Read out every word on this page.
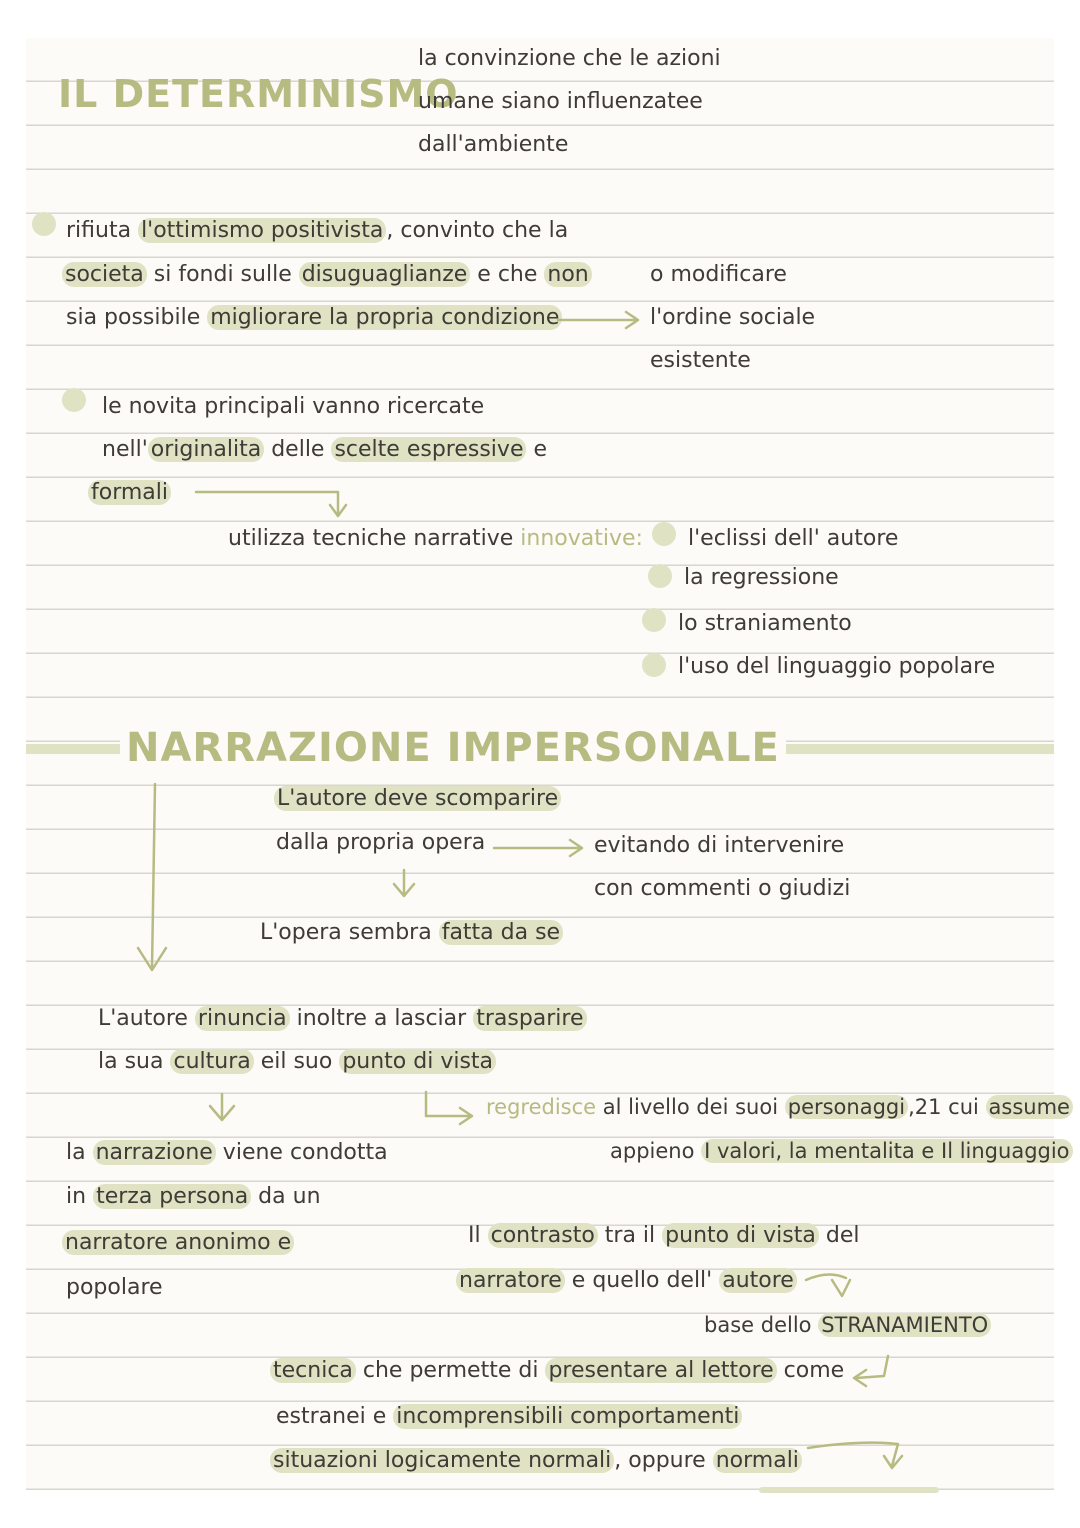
IL DETERMINISMO
la convinzione che le azioni
umane siano influenzatee
dall'ambiente
rifiuta l'ottimismo positivista , convinto che la
societa si fondi sulle disuguaglianze e che non
sia possibile migliorare la propria condizione
o modificare
l'ordine sociale
esistente
le novita principali vanno ricercate
nell' originalita delle scelte espressive e
formali
utilizza tecniche narrative innovative: l'eclissi dell' autore
la regressione
lo straniamento
l'uso del linguaggio popolare
NARRAZIONE IMPERSONALE
L'autore deve scomparire
dalla propria opera	evitando di intervenire
con commenti o giudizi
L'opera sembra fatta da se
L'autore rinuncia inoltre a lasciar trasparire
la sua cultura eil suo punto di vista
regredisce al livello dei suoi personaggi ,21 cui assume
appieno I valori, la mentalita e Il linguaggio
la narrazione viene condotta
in terza persona da un
narratore anonimo e
popolare
Il contrasto tra il punto di vista del
narratore e quello dell' autore
base dello STRANAMIENTO
tecnica che permette di presentare al lettore come
estranei e incomprensibili comportamenti
situazioni logicamente normali , oppure normali
